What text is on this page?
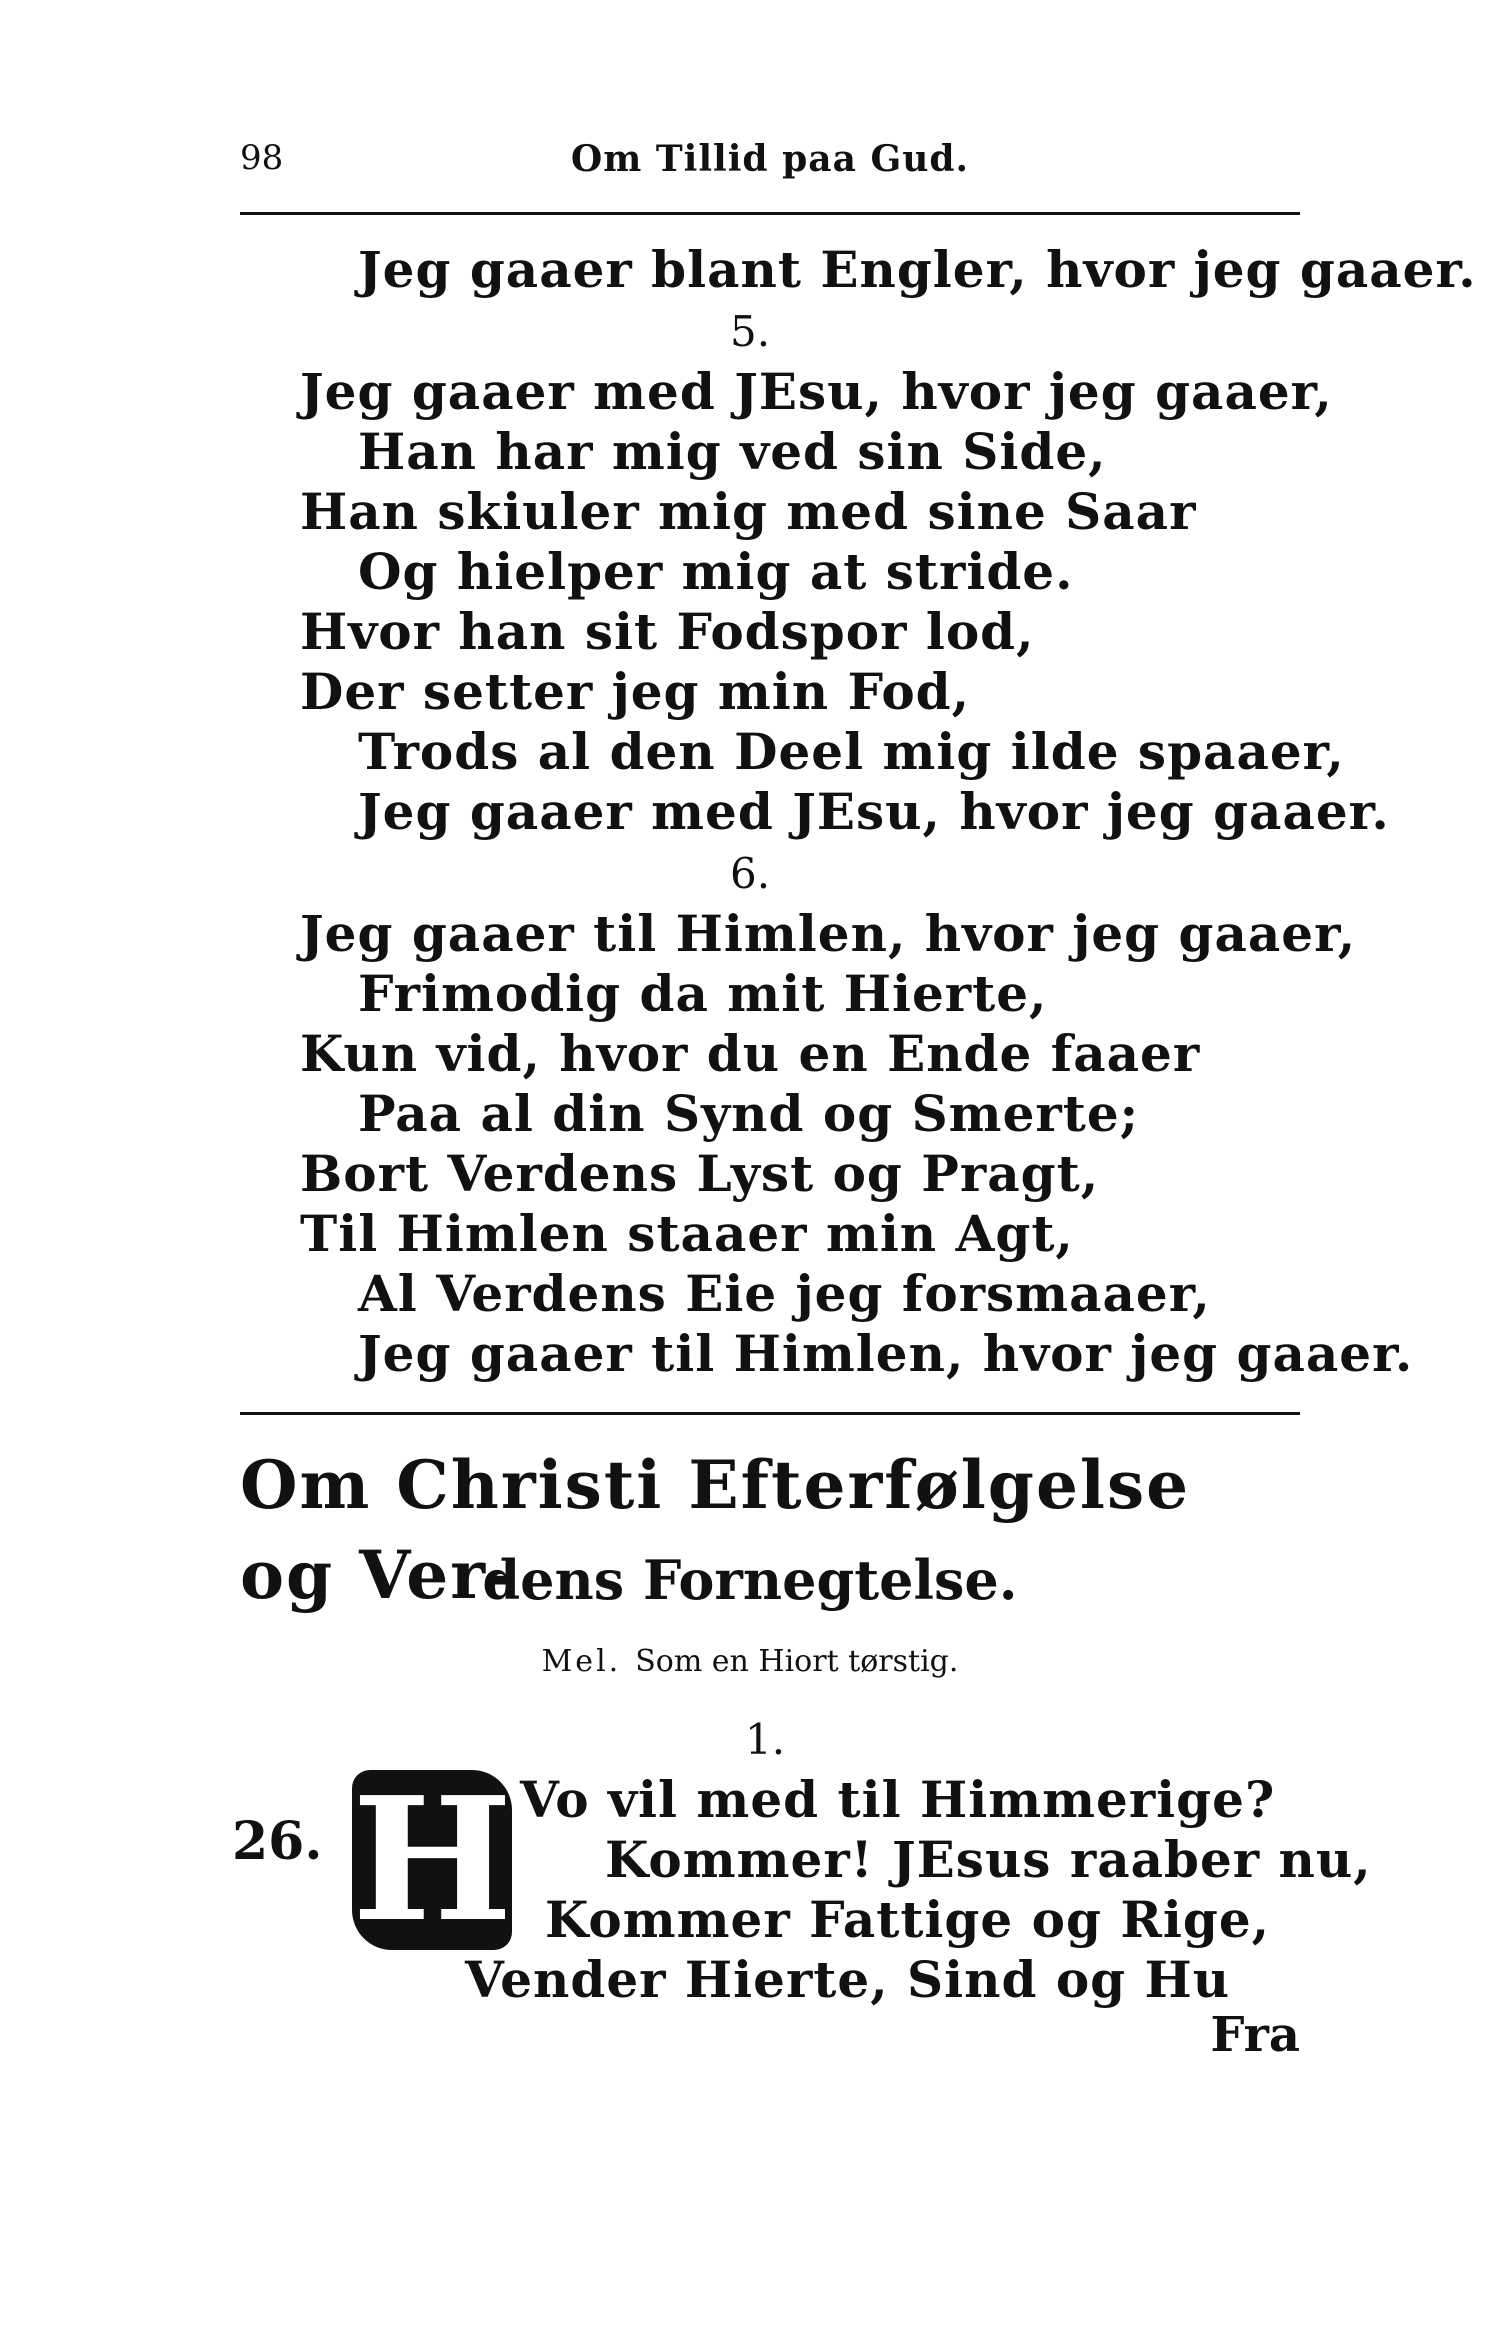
98	Om Tillid paa Gud.
Jeg gaaer blant Engler, hvor jeg gaaer.
5.
Jeg gaaer med JEsu, hvor jeg gaaer,
Han har mig ved sin Side,
Han skiuler mig med sine Saar
Og hielper mig at stride.
Hvor han sit Fodspor lod,
Der setter jeg min Fod,
Trods al den Deel mig ilde spaaer,
Jeg gaaer med JEsu, hvor jeg gaaer.
6.
Jeg gaaer til Himlen, hvor jeg gaaer,
Frimodig da mit Hierte,
Kun vid, hvor du en Ende faaer
Paa al din Synd og Smerte;
Bort Verdens Lyst og Pragt,
Til Himlen staaer min Agt,
Al Verdens Eie jeg forsmaaer,
Jeg gaaer til Himlen, hvor jeg gaaer.
Om Christi Efterfølgelse og Ver-
dens Fornegtelse.
Mel. Som en Hiort tørstig.
1.
26. H Vo vil med til Himmerige?
Kommer! JEsus raaber nu,
Kommer Fattige og Rige,
Vender Hierte, Sind og Hu
Fra
